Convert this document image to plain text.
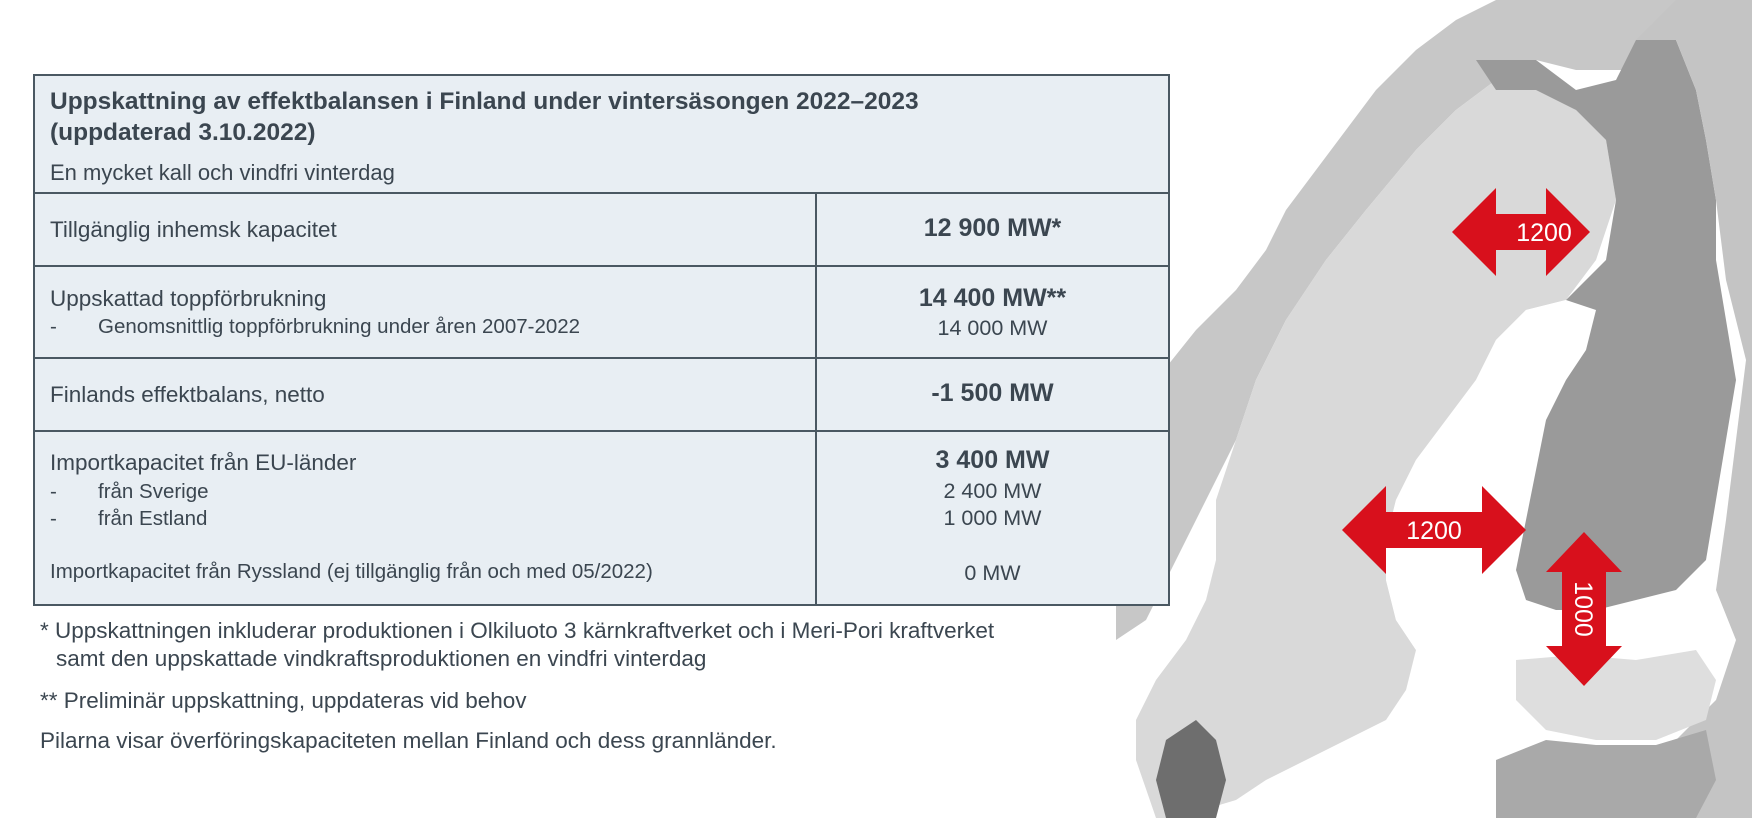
1200
1200
1000
Uppskattning av effektbalansen i Finland under vintersäsongen 2022–2023
(uppdaterad 3.10.2022)
En mycket kall och vindfri vinterdag
Tillgänglig inhemsk kapacitet	12 900 MW*
Uppskattad toppförbrukning
- Genomsnittlig toppförbrukning under åren 2007-2022
14 400 MW**
14 000 MW
Finlands effektbalans, netto	-1 500 MW
Importkapacitet från EU-länder
- från Sverige
- från Estland
Importkapacitet från Ryssland (ej tillgänglig från och med 05/2022)
3 400 MW
2 400 MW
1 000 MW
0 MW
* Uppskattningen inkluderar produktionen i Olkiluoto 3 kärnkraftverket och i Meri-Pori kraftverket
samt den uppskattade vindkraftsproduktionen en vindfri vinterdag
** Preliminär uppskattning, uppdateras vid behov
Pilarna visar överföringskapaciteten mellan Finland och dess grannländer.
